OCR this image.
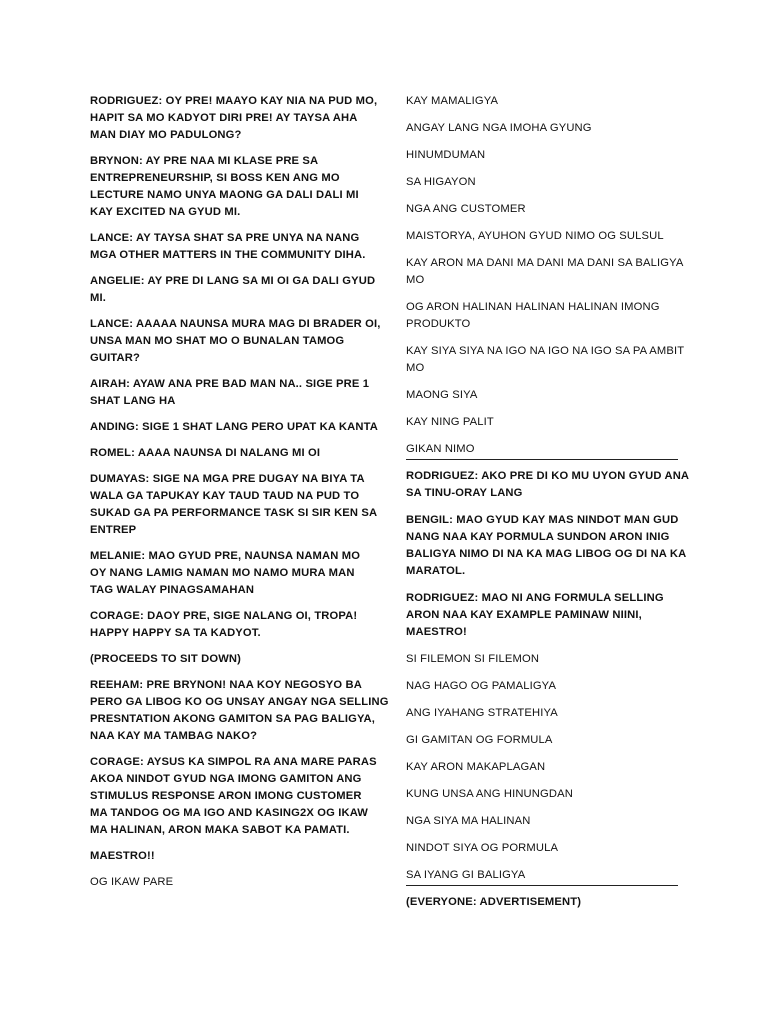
RODRIGUEZ: OY PRE! MAAYO KAY NIA NA PUD MO,
HAPIT SA MO KADYOT DIRI PRE! AY TAYSA AHA
MAN DIAY MO PADULONG?

BRYNON: AY PRE NAA MI KLASE PRE SA
ENTREPRENEURSHIP, SI BOSS KEN ANG MO
LECTURE NAMO UNYA MAONG GA DALI DALI MI
KAY EXCITED NA GYUD MI.

LANCE: AY TAYSA SHAT SA PRE UNYA NA NANG
MGA OTHER MATTERS IN THE COMMUNITY DIHA.

ANGELIE: AY PRE DI LANG SA MI OI GA DALI GYUD
MI.

LANCE: AAAAA NAUNSA MURA MAG DI BRADER OI,
UNSA MAN MO SHAT MO O BUNALAN TAMOG
GUITAR?

AIRAH: AYAW ANA PRE BAD MAN NA.. SIGE PRE 1
SHAT LANG HA

ANDING: SIGE 1 SHAT LANG PERO UPAT KA KANTA

ROMEL: AAAA NAUNSA DI NALANG MI OI

DUMAYAS: SIGE NA MGA PRE DUGAY NA BIYA TA
WALA GA TAPUKAY KAY TAUD TAUD NA PUD TO
SUKAD GA PA PERFORMANCE TASK SI SIR KEN SA
ENTREP

MELANIE: MAO GYUD PRE, NAUNSA NAMAN MO
OY NANG LAMIG NAMAN MO NAMO MURA MAN
TAG WALAY PINAGSAMAHAN

CORAGE: DAOY PRE, SIGE NALANG OI, TROPA!
HAPPY HAPPY SA TA KADYOT.

(PROCEEDS TO SIT DOWN)

REEHAM: PRE BRYNON! NAA KOY NEGOSYO BA
PERO GA LIBOG KO OG UNSAY ANGAY NGA SELLING
PRESNTATION AKONG GAMITON SA PAG BALIGYA,
NAA KAY MA TAMBAG NAKO?

CORAGE: AYSUS KA SIMPOL RA ANA MARE PARAS
AKOA NINDOT GYUD NGA IMONG GAMITON ANG
STIMULUS RESPONSE ARON IMONG CUSTOMER
MA TANDOG OG MA IGO AND KASING2X OG IKAW
MA HALINAN, ARON MAKA SABOT KA PAMATI.

MAESTRO!!

OG IKAW PARE

KAY MAMALIGYA

ANGAY LANG NGA IMOHA GYUNG

HINUMDUMAN

SA HIGAYON

NGA ANG CUSTOMER

MAISTORYA, AYUHON GYUD NIMO OG SULSUL

KAY ARON MA DANI MA DANI MA DANI SA BALIGYA
MO

OG ARON HALINAN HALINAN HALINAN IMONG
PRODUKTO

KAY SIYA SIYA NA IGO NA IGO NA IGO SA PA AMBIT
MO

MAONG SIYA

KAY NING PALIT

GIKAN NIMO

RODRIGUEZ: AKO PRE DI KO MU UYON GYUD ANA
SA TINU-ORAY LANG

BENGIL: MAO GYUD KAY MAS NINDOT MAN GUD
NANG NAA KAY PORMULA SUNDON ARON INIG
BALIGYA NIMO DI NA KA MAG LIBOG OG DI NA KA
MARATOL.

RODRIGUEZ: MAO NI ANG FORMULA SELLING
ARON NAA KAY EXAMPLE PAMINAW NIINI,
MAESTRO!

SI FILEMON SI FILEMON

NAG HAGO OG PAMALIGYA

ANG IYAHANG STRATEHIYA

GI GAMITAN OG FORMULA

KAY ARON MAKAPLAGAN

KUNG UNSA ANG HINUNGDAN

NGA SIYA MA HALINAN

NINDOT SIYA OG PORMULA

SA IYANG GI BALIGYA

(EVERYONE: ADVERTISEMENT)
